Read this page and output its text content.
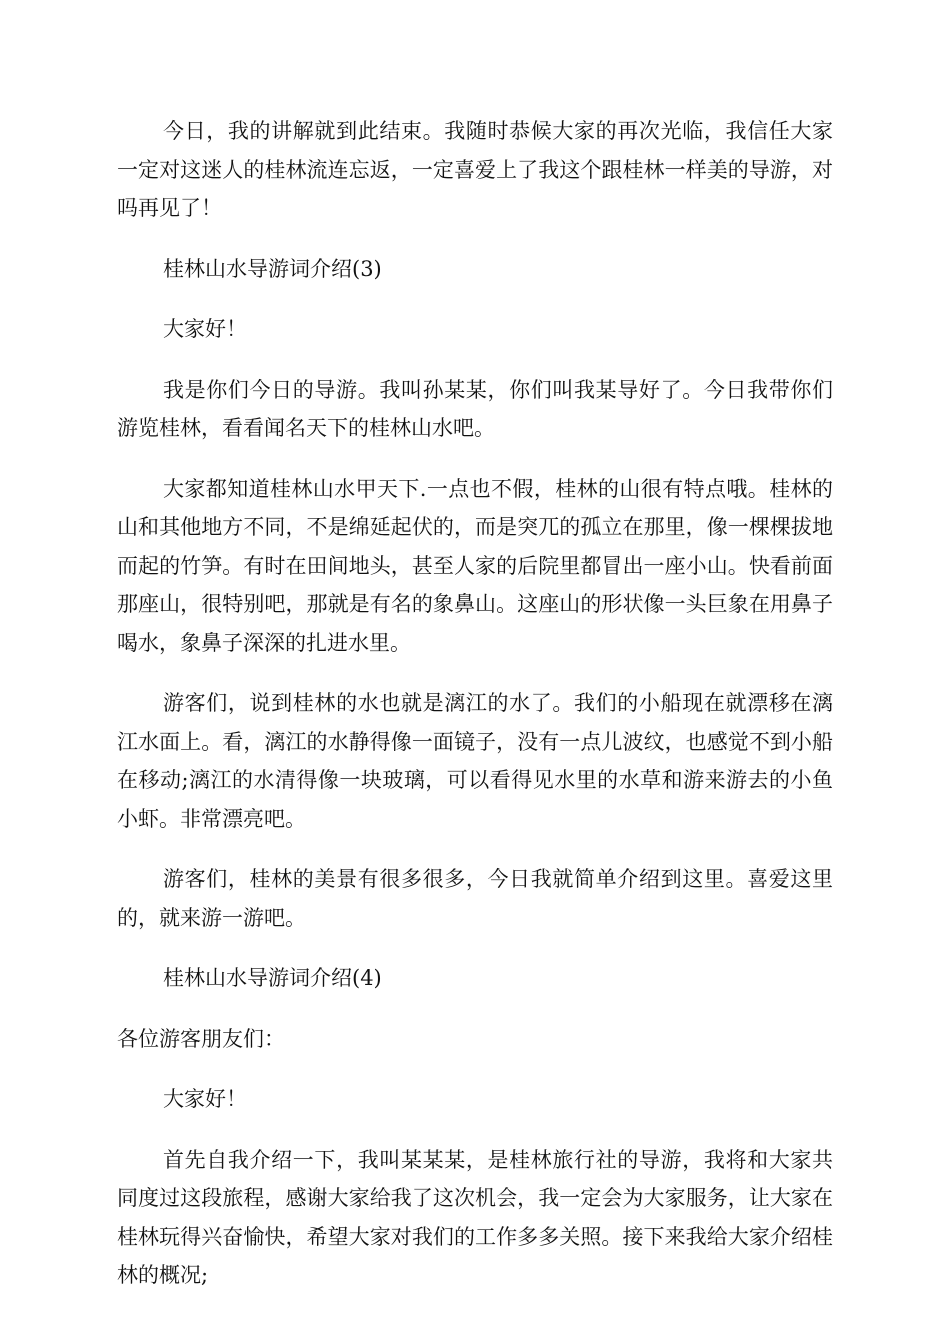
今日，我的讲解就到此结束。我随时恭候大家的再次光临，我信任大家一定对这迷人的桂林流连忘返，一定喜爱上了我这个跟桂林一样美的导游，对吗再见了！

桂林山水导游词介绍(3)

大家好！

我是你们今日的导游。我叫孙某某，你们叫我某导好了。今日我带你们游览桂林，看看闻名天下的桂林山水吧。

大家都知道桂林山水甲天下.一点也不假，桂林的山很有特点哦。桂林的山和其他地方不同，不是绵延起伏的，而是突兀的孤立在那里，像一棵棵拔地而起的竹笋。有时在田间地头，甚至人家的后院里都冒出一座小山。快看前面那座山，很特别吧，那就是有名的象鼻山。这座山的形状像一头巨象在用鼻子喝水，象鼻子深深的扎进水里。

游客们，说到桂林的水也就是漓江的水了。我们的小船现在就漂移在漓江水面上。看，漓江的水静得像一面镜子，没有一点儿波纹，也感觉不到小船在移动;漓江的水清得像一块玻璃，可以看得见水里的水草和游来游去的小鱼小虾。非常漂亮吧。

游客们，桂林的美景有很多很多，今日我就简单介绍到这里。喜爱这里的，就来游一游吧。

桂林山水导游词介绍(4)

各位游客朋友们：

大家好！

首先自我介绍一下，我叫某某某，是桂林旅行社的导游，我将和大家共同度过这段旅程，感谢大家给我了这次机会，我一定会为大家服务，让大家在桂林玩得兴奋愉快，希望大家对我们的工作多多关照。接下来我给大家介绍桂林的概况;
